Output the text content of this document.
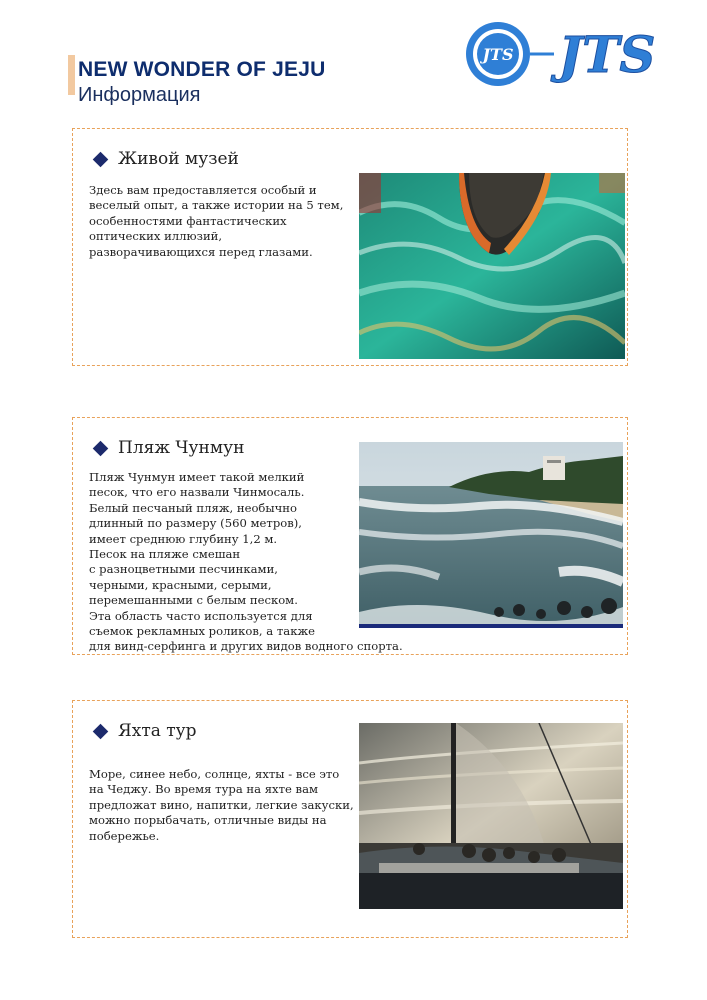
NEW WONDER OF JEJU
Информация
JTS JTS
Живой музей
Здесь вам предоставляется особый и
веселый опыт, а также истории на 5 тем,
особенностями фантастических
оптических иллюзий,
разворачивающихся перед глазами.
Пляж Чунмун
Пляж Чунмун имеет такой мелкий
песок, что его назвали Чинмосаль.
Белый песчаный пляж, необычно
длинный по размеру (560 метров),
имеет среднюю глубину 1,2 м.
Песок на пляже смешан
с разноцветными песчинками,
черными, красными, серыми,
перемешанными с белым песком.
Эта область часто используется для
съемок рекламных роликов, а также
для винд-серфинга и других видов водного спорта.
Яхта тур
Море, синее небо, солнце, яхты - все это
на Чеджу. Во время тура на яхте вам
предложат вино, напитки, легкие закуски,
можно порыбачать, отличные виды на
побережье.
